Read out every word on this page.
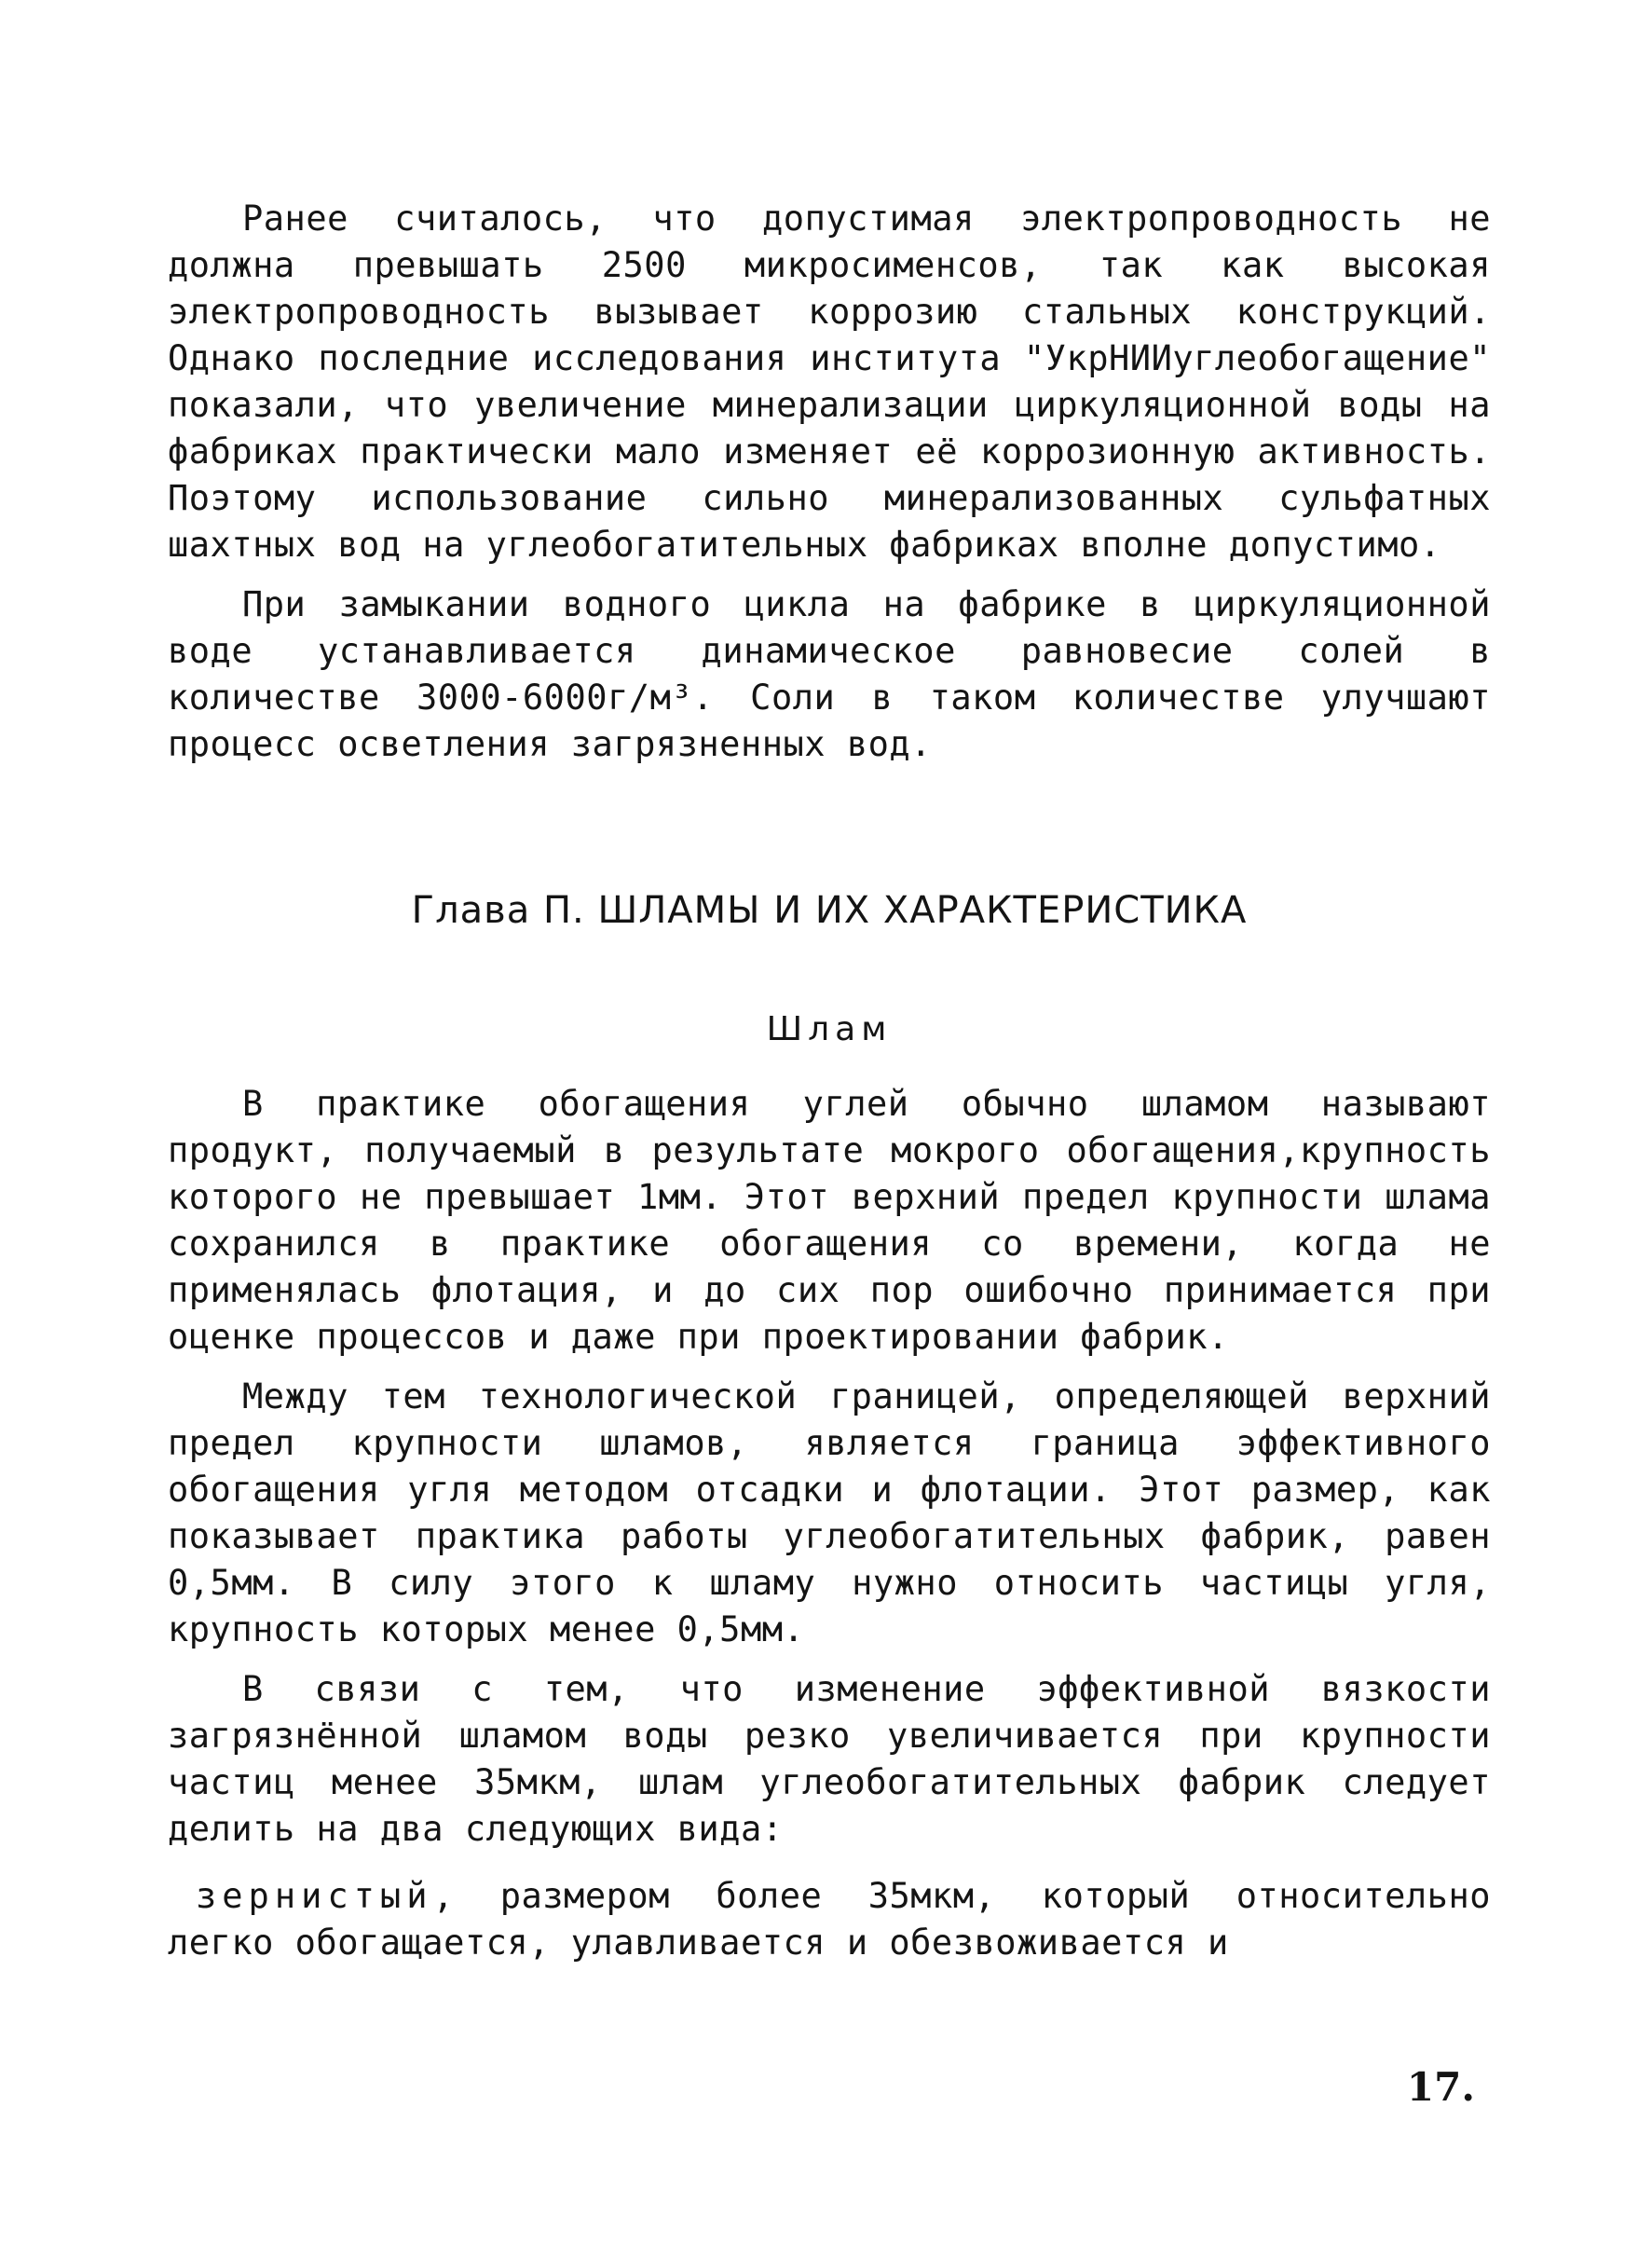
Ранее считалось, что допустимая электропроводность не должна превышать 2500 микросименсов, так как высокая электропроводность вызывает коррозию стальных конструкций. Однако последние исследования института "УкрНИИуглеобогащение" показали, что увеличение минерализации циркуляционной воды на фабриках практически мало изменяет её коррозионную активность. Поэтому использование сильно минерализованных сульфатных шахтных вод на углеобогатительных фабриках вполне допустимо.

При замыкании водного цикла на фабрике в циркуляционной воде устанавливается динамическое равновесие солей в количестве 3000-6000г/м³. Соли в таком количестве улучшают процесс осветления загрязненных вод.

Глава П. ШЛАМЫ И ИХ ХАРАКТЕРИСТИКА
Шлам

В практике обогащения углей обычно шламом называют продукт, получаемый в результате мокрого обогащения,крупность которого не превышает 1мм. Этот верхний предел крупности шлама сохранился в практике обогащения со времени, когда не применялась флотация, и до сих пор ошибочно принимается при оценке процессов и даже при проектировании фабрик.

Между тем технологической границей, определяющей верхний предел крупности шламов, является граница эффективного обогащения угля методом отсадки и флотации. Этот размер, как показывает практика работы углеобогатительных фабрик, равен 0,5мм. В силу этого к шламу нужно относить частицы угля, крупность которых менее 0,5мм.

В связи с тем, что изменение эффективной вязкости загрязнённой шламом воды резко увеличивается при крупности частиц менее 35мкм, шлам углеобогатительных фабрик следует делить на два следующих вида:

зернистый, размером более 35мкм, который относительно легко обогащается, улавливается и обезвоживается и

17.
